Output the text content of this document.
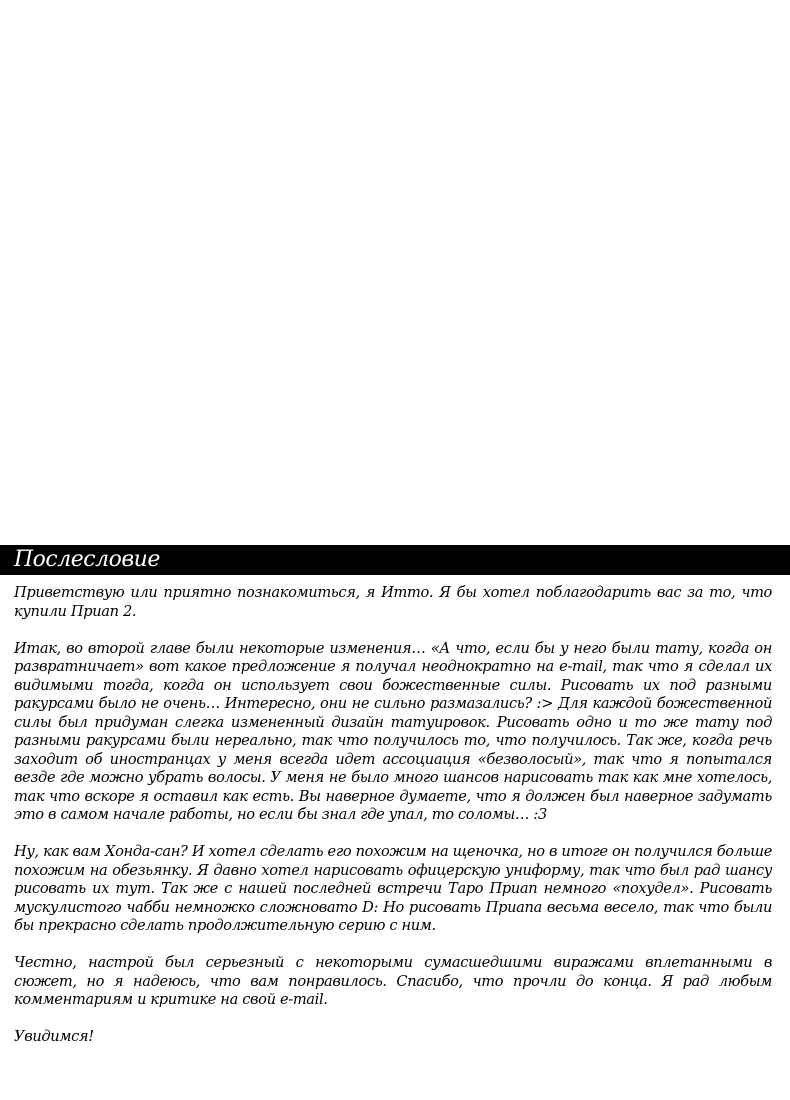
Послесловие

Приветствую или приятно познакомиться, я Итто. Я бы хотел поблагодарить вас за то, что купили Приап 2.

Итак, во второй главе были некоторые изменения… «А что, если бы у него были тату, когда он развратничает» вот какое предложение я получал неоднократно на e-mail, так что я сделал их видимыми тогда, когда он использует свои божественные силы. Рисовать их под разными ракурсами было не очень… Интересно, они не сильно размазались? :> Для каждой божественной силы был придуман слегка измененный дизайн татуировок. Рисовать одно и то же тату под разными ракурсами были нереально, так что получилось то, что получилось. Так же, когда речь заходит об иностранцах у меня всегда идет ассоциация «безволосый», так что я попытался везде где можно убрать волосы. У меня не было много шансов нарисовать так как мне хотелось, так что вскоре я оставил как есть. Вы наверное думаете, что я должен был наверное задумать это в самом начале работы, но если бы знал где упал, то соломы… :3

Ну, как вам Хонда-сан? И хотел сделать его похожим на щеночка, но в итоге он получился больше похожим на обезьянку. Я давно хотел нарисовать офицерскую униформу, так что был рад шансу рисовать их тут. Так же с нашей последней встречи Таро Приап немного «похудел». Рисовать мускулистого чабби немножко сложновато D: Но рисовать Приапа весьма весело, так что были бы прекрасно сделать продолжительную серию с ним.

Честно, настрой был серьезный с некоторыми сумасшедшими виражами вплетанными в сюжет, но я надеюсь, что вам понравилось. Спасибо, что прочли до конца. Я рад любым комментариям и критике на свой e-mail.

Увидимся!
